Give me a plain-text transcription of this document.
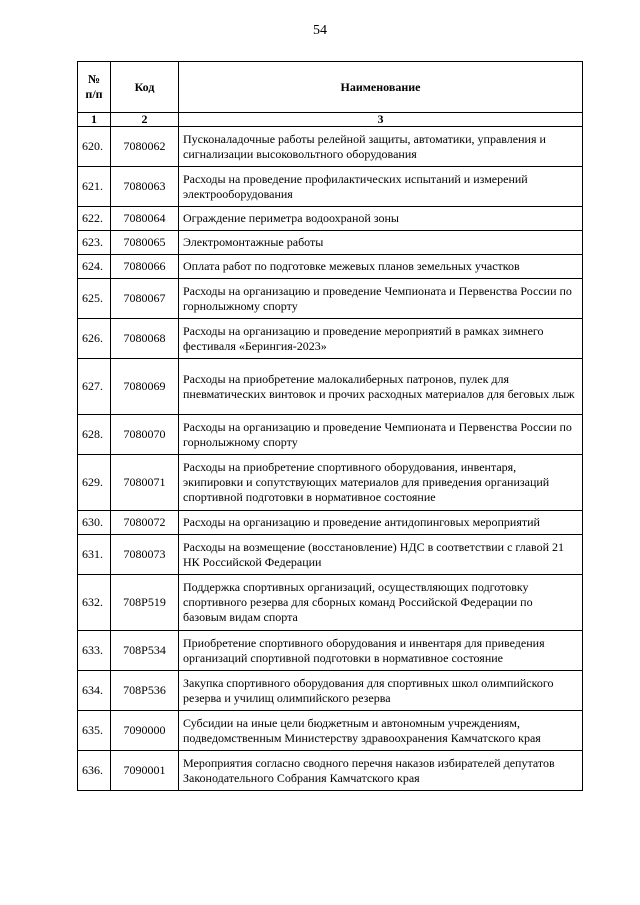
54
№ п/п	Код	Наименование
1	2	3
620.	7080062	Пусконаладочные работы релейной защиты, автоматики, управления и сигнализации высоковольтного оборудования
621.	7080063	Расходы на проведение профилактических испытаний и измерений электрооборудования
622.	7080064	Ограждение периметра водоохраной зоны
623.	7080065	Электромонтажные работы
624.	7080066	Оплата работ по подготовке межевых планов земельных участков
625.	7080067	Расходы на организацию и проведение Чемпионата и Первенства России по горнолыжному спорту
626.	7080068	Расходы на организацию и проведение мероприятий в рамках зимнего фестиваля «Берингия-2023»
627.	7080069	Расходы на приобретение малокалиберных патронов, пулек для пневматических винтовок и прочих расходных материалов для беговых лыж
628.	7080070	Расходы на организацию и проведение Чемпионата и Первенства России по горнолыжному спорту
629.	7080071	Расходы на приобретение спортивного оборудования, инвентаря, экипировки и сопутствующих материалов для приведения организаций спортивной подготовки в нормативное состояние
630.	7080072	Расходы на организацию и проведение антидопинговых мероприятий
631.	7080073	Расходы на возмещение (восстановление) НДС в соответствии с главой 21 НК Российской Федерации
632.	708Р519	Поддержка спортивных организаций, осуществляющих подготовку спортивного резерва для сборных команд Российской Федерации по базовым видам спорта
633.	708Р534	Приобретение спортивного оборудования и инвентаря для приведения организаций спортивной подготовки в нормативное состояние
634.	708Р536	Закупка спортивного оборудования для спортивных школ олимпийского резерва и училищ олимпийского резерва
635.	7090000	Субсидии на иные цели бюджетным и автономным учреждениям, подведомственным Министерству здравоохранения Камчатского края
636.	7090001	Мероприятия согласно сводного перечня наказов избирателей депутатов Законодательного Собрания Камчатского края
